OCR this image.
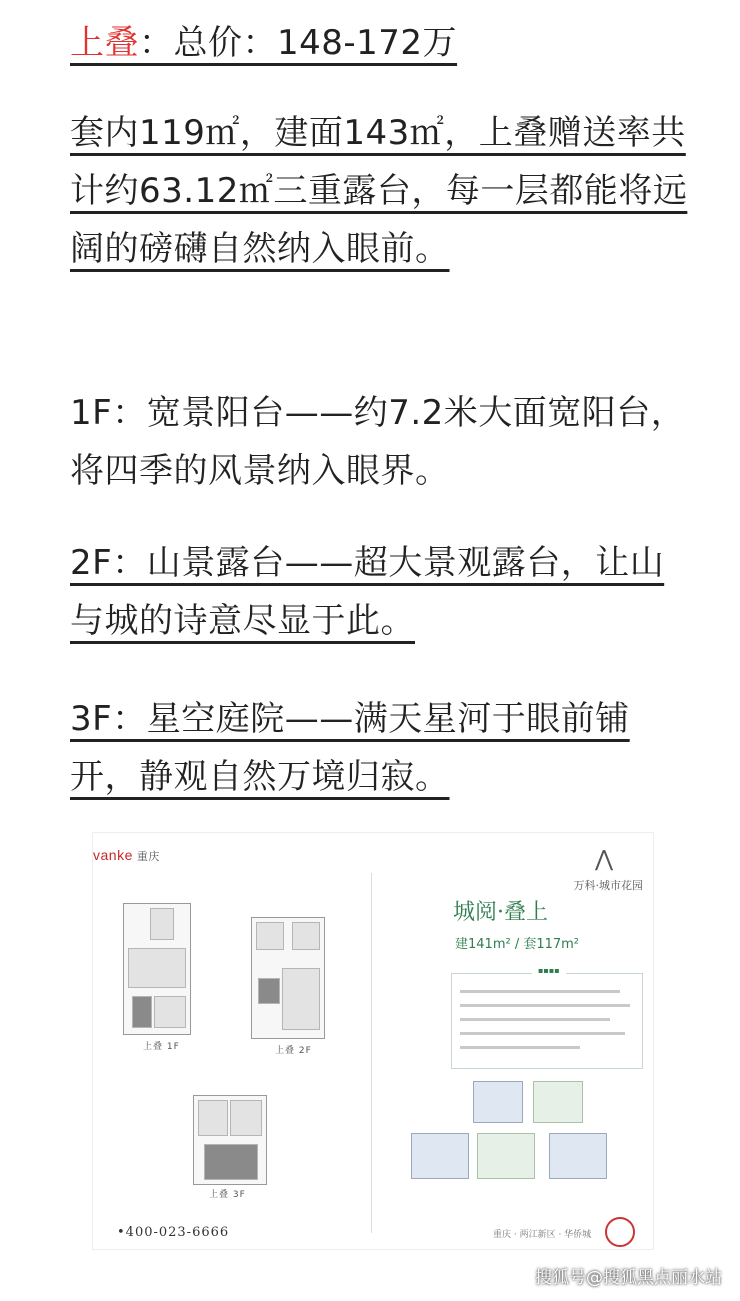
上叠：总价：148-172万
套内119㎡，建面143㎡，上叠赠送率共计约63.12㎡三重露台，每一层都能将远阔的磅礴自然纳入眼前。
1F：宽景阳台——约7.2米大面宽阳台，将四季的风景纳入眼界。
2F：山景露台——超大景观露台，让山与城的诗意尽显于此。
3F：星空庭院——满天星河于眼前铺开，静观自然万境归寂。
vanke 重庆
上叠 1F	上叠 2F
上叠 3F
⋀
万科·城市花园
城阅·叠上
建141m² / 套117m²
▪▪▪▪
•400-023-6666	重庆 · 两江新区 · 华侨城
搜狐号@搜狐黑点丽水站
